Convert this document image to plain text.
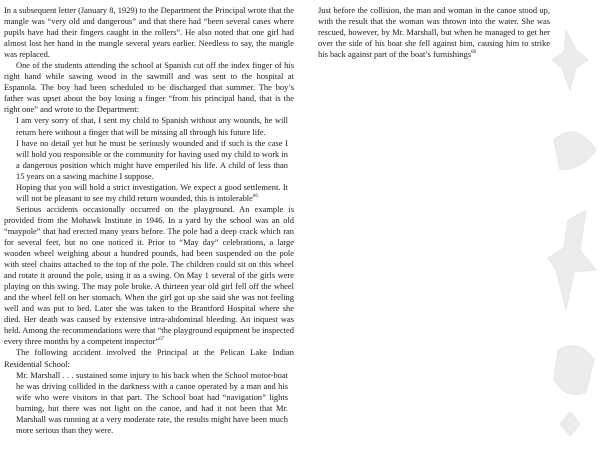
In a subsequent letter (January 8, 1929) to the Department the Principal wrote that the mangle was “very old and dangerous” and that there had “been several cases where pupils have had their fingers caught in the rollers”. He also noted that one girl had almost lost her hand in the mangle several years earlier. Needless to say, the mangle was replaced.

One of the students attending the school at Spanish cut off the index finger of his right hand while sawing wood in the sawmill and was sent to the hospital at Espanola. The boy had been scheduled to be discharged that summer. The boy’s father was upset about the boy losing a finger “from his principal hand, that is the right one” and wrote to the Department:

I am very sorry of that, I sent my child to Spanish without any wounds, he will return here without a finger that will be missing all through his future life.

I have no detail yet but he must be seriously wounded and if such is the case I will hold you responsible or the community for having used my child to work in a dangerous position which might have emperiled his life. A child of less than 15 years on a sawing machine I suppose.

Hoping that you will hold a strict investigation. We expect a good settlement. It will not be pleasant to see my child return wounded, this is intolerable$^{66}$

Serious accidents occasionally occurred on the playground. An example is provided from the Mohawk Institute in 1946. In a yard by the school was an old “maypole” that had erected many years before. The pole had a deep crack which ran for several feet, but no one noticed it. Prior to “May day” celebrations, a large wooden wheel weighing about a hundred pounds, had been suspended on the pole with steel chains attached to the top of the pole. The children could sit on this wheel and rotate it around the pole, using it as a swing. On May 1 several of the girls were playing on this swing. The may pole broke. A thirteen year old girl fell off the wheel and the wheel fell on her stomach. When the girl got up she said she was not feeling well and was put to bed. Later she was taken to the Brantford Hospital where she died. Her death was caused by extensive intra-abdominal bleeding. An inquest was held. Among the recommendations were that “the playground equipment be inspected every three months by a competent inspector”$^{67}$

The following accident involved the Principal at the Pelican Lake Indian Residential School:

Mr. Marshall . . . sustained some injury to his back when the School motor-boat he was driving collided in the darkness with a canoe operated by a man and his wife who were visitors in that part. The School boat had “navigation” lights burning, but there was not light on the canoe, and had it not been that Mr. Marshall was running at a very moderate rate, the results might have been much more serious than they were.

Just before the collision, the man and woman in the canoe stood up, with the result that the woman was thrown into the water. She was rescued, however, by Mr. Marshall, but when he managed to get her over the side of his boat she fell against him, causing him to strike his back against part of the boat’s furnishings$^{68}$
